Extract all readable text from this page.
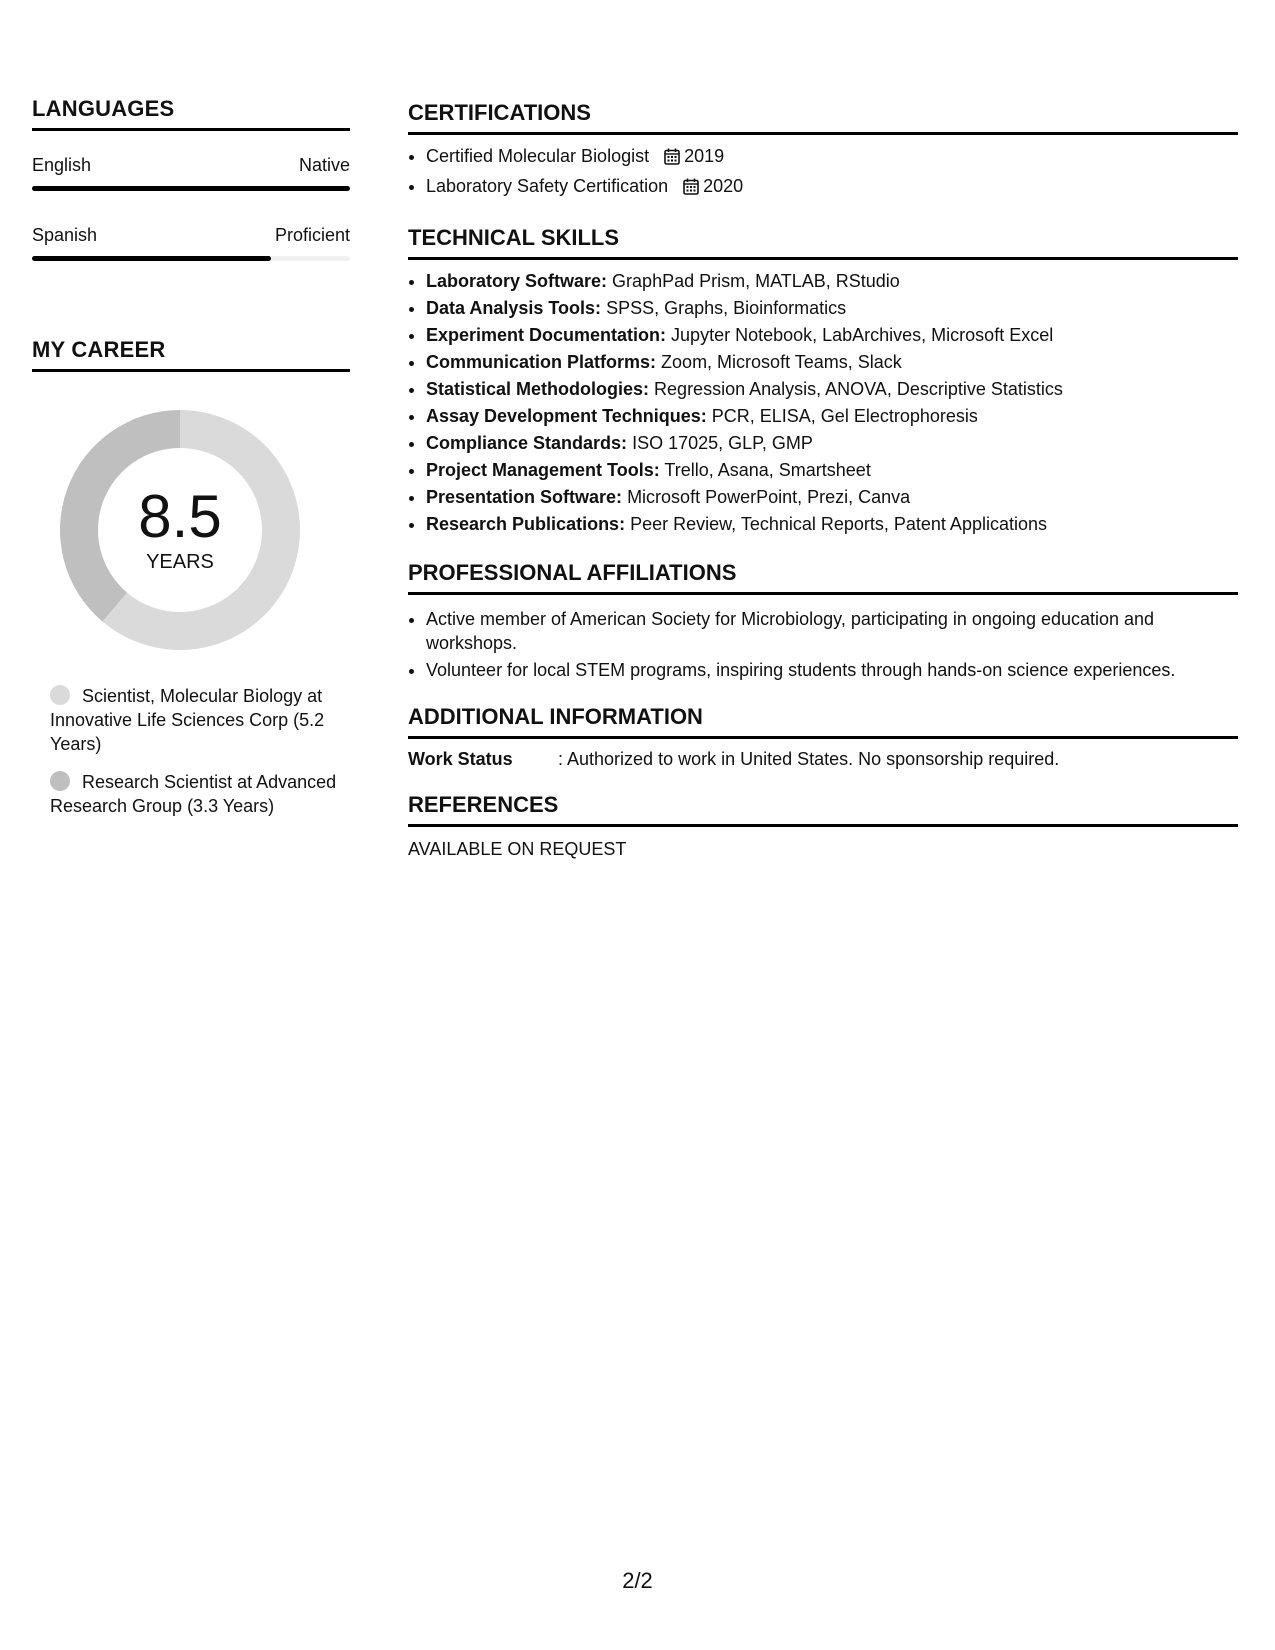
LANGUAGES
English	Native
Spanish	Proficient
MY CAREER
8.5
YEARS
Scientist, Molecular Biology at Innovative Life Sciences Corp (5.2 Years)
Research Scientist at Advanced Research Group (3.3 Years)
CERTIFICATIONS
• Certified Molecular Biologist 2019
• Laboratory Safety Certification 2020
TECHNICAL SKILLS
• Laboratory Software: GraphPad Prism, MATLAB, RStudio
• Data Analysis Tools: SPSS, Graphs, Bioinformatics
• Experiment Documentation: Jupyter Notebook, LabArchives, Microsoft Excel
• Communication Platforms: Zoom, Microsoft Teams, Slack
• Statistical Methodologies: Regression Analysis, ANOVA, Descriptive Statistics
• Assay Development Techniques: PCR, ELISA, Gel Electrophoresis
• Compliance Standards: ISO 17025, GLP, GMP
• Project Management Tools: Trello, Asana, Smartsheet
• Presentation Software: Microsoft PowerPoint, Prezi, Canva
• Research Publications: Peer Review, Technical Reports, Patent Applications
PROFESSIONAL AFFILIATIONS
• Active member of American Society for Microbiology, participating in ongoing education and workshops.
• Volunteer for local STEM programs, inspiring students through hands-on science experiences.
ADDITIONAL INFORMATION
Work Status	: Authorized to work in United States. No sponsorship required.
REFERENCES
AVAILABLE ON REQUEST
2/2
